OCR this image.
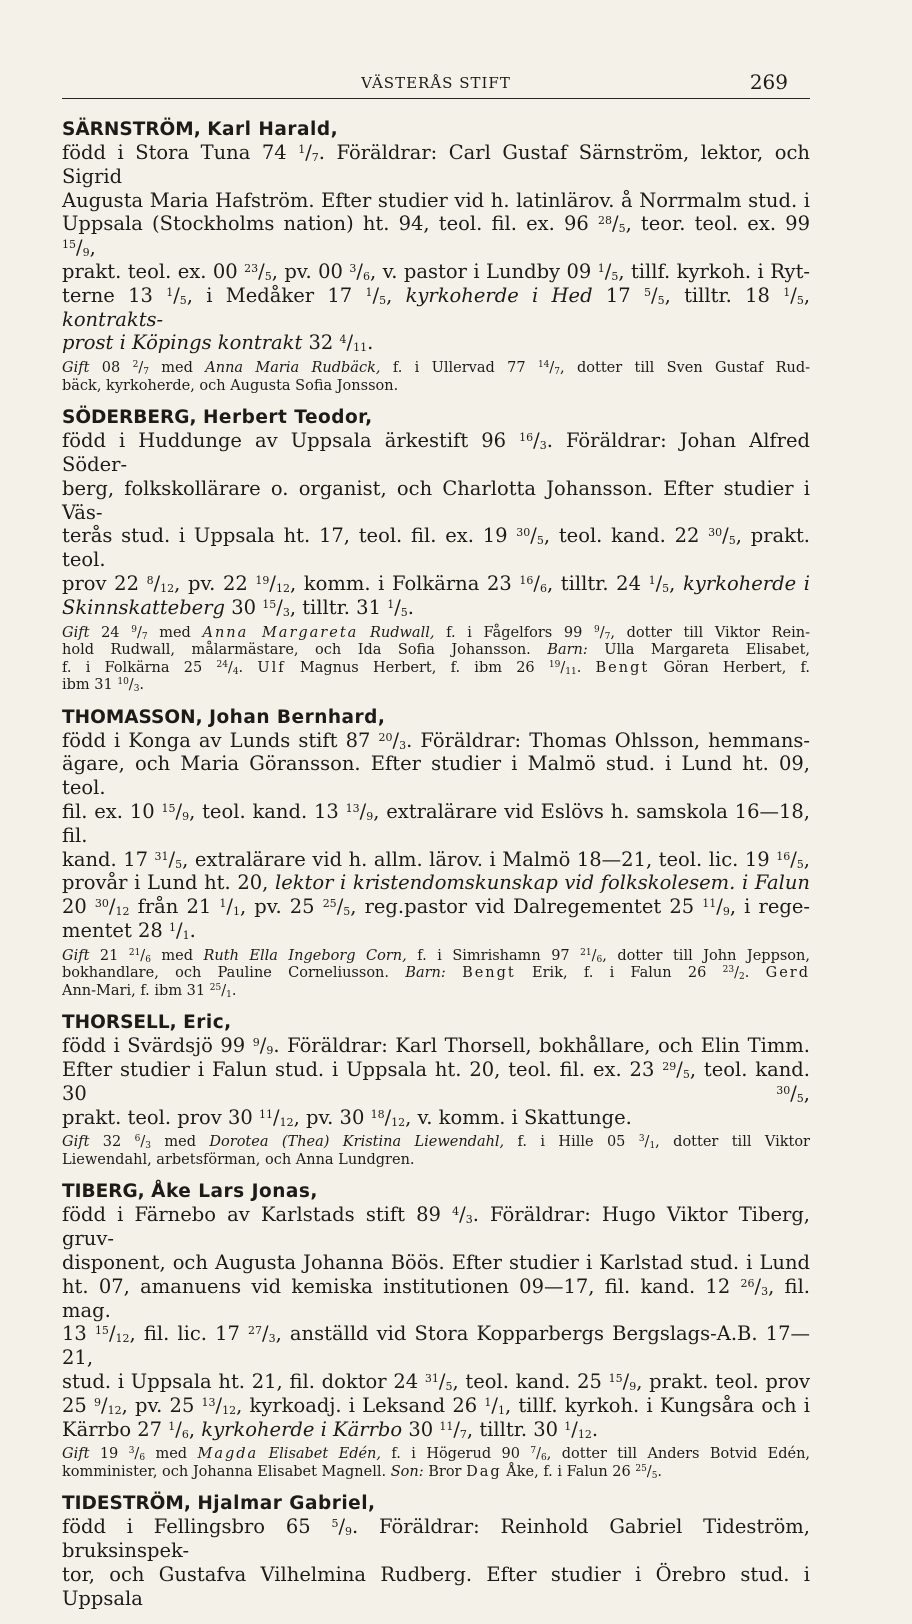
VÄSTERÅS STIFT	269
SÄRNSTRÖM, Karl Harald,

född i Stora Tuna 74 $^1/_7$. Föräldrar: Carl Gustaf Särnström, lektor, och Sigrid

Augusta Maria Hafström. Efter studier vid h. latinlärov. å Norrmalm stud. i

Uppsala (Stockholms nation) ht. 94, teol. fil. ex. 96 $^{28}/_5$, teor. teol. ex. 99 $^{15}/_9$,

prakt. teol. ex. 00 $^{23}/_5$, pv. 00 $^3/_6$, v. pastor i Lundby 09 $^1/_5$, tillf. kyrkoh. i Ryt-

terne 13 $^1/_5$, i Medåker 17 $^1/_5$, kyrkoherde i Hed 17 $^5/_5$, tilltr. 18 $^1/_5$, kontrakts-

prost i Köpings kontrakt 32 $^4/_{11}$.

Gift 08 $^2/_7$ med Anna Maria Rudbäck, f. i Ullervad 77 $^{14}/_7$, dotter till Sven Gustaf Rud-

bäck, kyrkoherde, och Augusta Sofia Jonsson.

SÖDERBERG, Herbert Teodor,

född i Huddunge av Uppsala ärkestift 96 $^{16}/_3$. Föräldrar: Johan Alfred Söder-

berg, folkskollärare o. organist, och Charlotta Johansson. Efter studier i Väs-

terås stud. i Uppsala ht. 17, teol. fil. ex. 19 $^{30}/_5$, teol. kand. 22 $^{30}/_5$, prakt. teol.

prov 22 $^8/_{12}$, pv. 22 $^{19}/_{12}$, komm. i Folkärna 23 $^{16}/_6$, tilltr. 24 $^1/_5$, kyrkoherde i

Skinnskatteberg 30 $^{15}/_3$, tilltr. 31 $^1/_5$.

Gift 24 $^9/_7$ med Anna Margareta Rudwall, f. i Fågelfors 99 $^9/_7$, dotter till Viktor Rein-

hold Rudwall, målarmästare, och Ida Sofia Johansson. Barn: Ulla Margareta Elisabet,

f. i Folkärna 25 $^{24}/_4$. Ulf Magnus Herbert, f. ibm 26 $^{19}/_{11}$. Bengt Göran Herbert, f.

ibm 31 $^{10}/_3$.

THOMASSON, Johan Bernhard,

född i Konga av Lunds stift 87 $^{20}/_3$. Föräldrar: Thomas Ohlsson, hemmans-

ägare, och Maria Göransson. Efter studier i Malmö stud. i Lund ht. 09, teol.

fil. ex. 10 $^{15}/_9$, teol. kand. 13 $^{13}/_9$, extralärare vid Eslövs h. samskola 16—18, fil.

kand. 17 $^{31}/_5$, extralärare vid h. allm. lärov. i Malmö 18—21, teol. lic. 19 $^{16}/_5$,

provår i Lund ht. 20, lektor i kristendomskunskap vid folkskolesem. i Falun

20 $^{30}/_{12}$ från 21 $^1/_1$, pv. 25 $^{25}/_5$, reg.pastor vid Dalregementet 25 $^{11}/_9$, i rege-

mentet 28 $^1/_1$.

Gift 21 $^{21}/_6$ med Ruth Ella Ingeborg Corn, f. i Simrishamn 97 $^{21}/_6$, dotter till John Jeppson,

bokhandlare, och Pauline Corneliusson. Barn: Bengt Erik, f. i Falun 26 $^{23}/_2$. Gerd

Ann-Mari, f. ibm 31 $^{25}/_1$.

THORSELL, Eric,

född i Svärdsjö 99 $^9/_9$. Föräldrar: Karl Thorsell, bokhållare, och Elin Timm.

Efter studier i Falun stud. i Uppsala ht. 20, teol. fil. ex. 23 $^{29}/_5$, teol. kand. 30 $^{30}/_5$,

prakt. teol. prov 30 $^{11}/_{12}$, pv. 30 $^{18}/_{12}$, v. komm. i Skattunge.

Gift 32 $^6/_3$ med Dorotea (Thea) Kristina Liewendahl, f. i Hille 05 $^3/_1$, dotter till Viktor

Liewendahl, arbetsförman, och Anna Lundgren.

TIBERG, Åke Lars Jonas,

född i Färnebo av Karlstads stift 89 $^4/_3$. Föräldrar: Hugo Viktor Tiberg, gruv-

disponent, och Augusta Johanna Böös. Efter studier i Karlstad stud. i Lund

ht. 07, amanuens vid kemiska institutionen 09—17, fil. kand. 12 $^{26}/_3$, fil. mag.

13 $^{15}/_{12}$, fil. lic. 17 $^{27}/_3$, anställd vid Stora Kopparbergs Bergslags-A.B. 17—21,

stud. i Uppsala ht. 21, fil. doktor 24 $^{31}/_5$, teol. kand. 25 $^{15}/_9$, prakt. teol. prov

25 $^9/_{12}$, pv. 25 $^{13}/_{12}$, kyrkoadj. i Leksand 26 $^1/_1$, tillf. kyrkoh. i Kungsåra och i

Kärrbo 27 $^1/_6$, kyrkoherde i Kärrbo 30 $^{11}/_7$, tilltr. 30 $^1/_{12}$.

Gift 19 $^3/_6$ med Magda Elisabet Edén, f. i Högerud 90 $^7/_6$, dotter till Anders Botvid Edén,

komminister, och Johanna Elisabet Magnell. Son: Bror Dag Åke, f. i Falun 26 $^{25}/_5$.

TIDESTRÖM, Hjalmar Gabriel,

född i Fellingsbro 65 $^5/_9$. Föräldrar: Reinhold Gabriel Tideström, bruksinspek-

tor, och Gustafva Vilhelmina Rudberg. Efter studier i Örebro stud. i Uppsala
